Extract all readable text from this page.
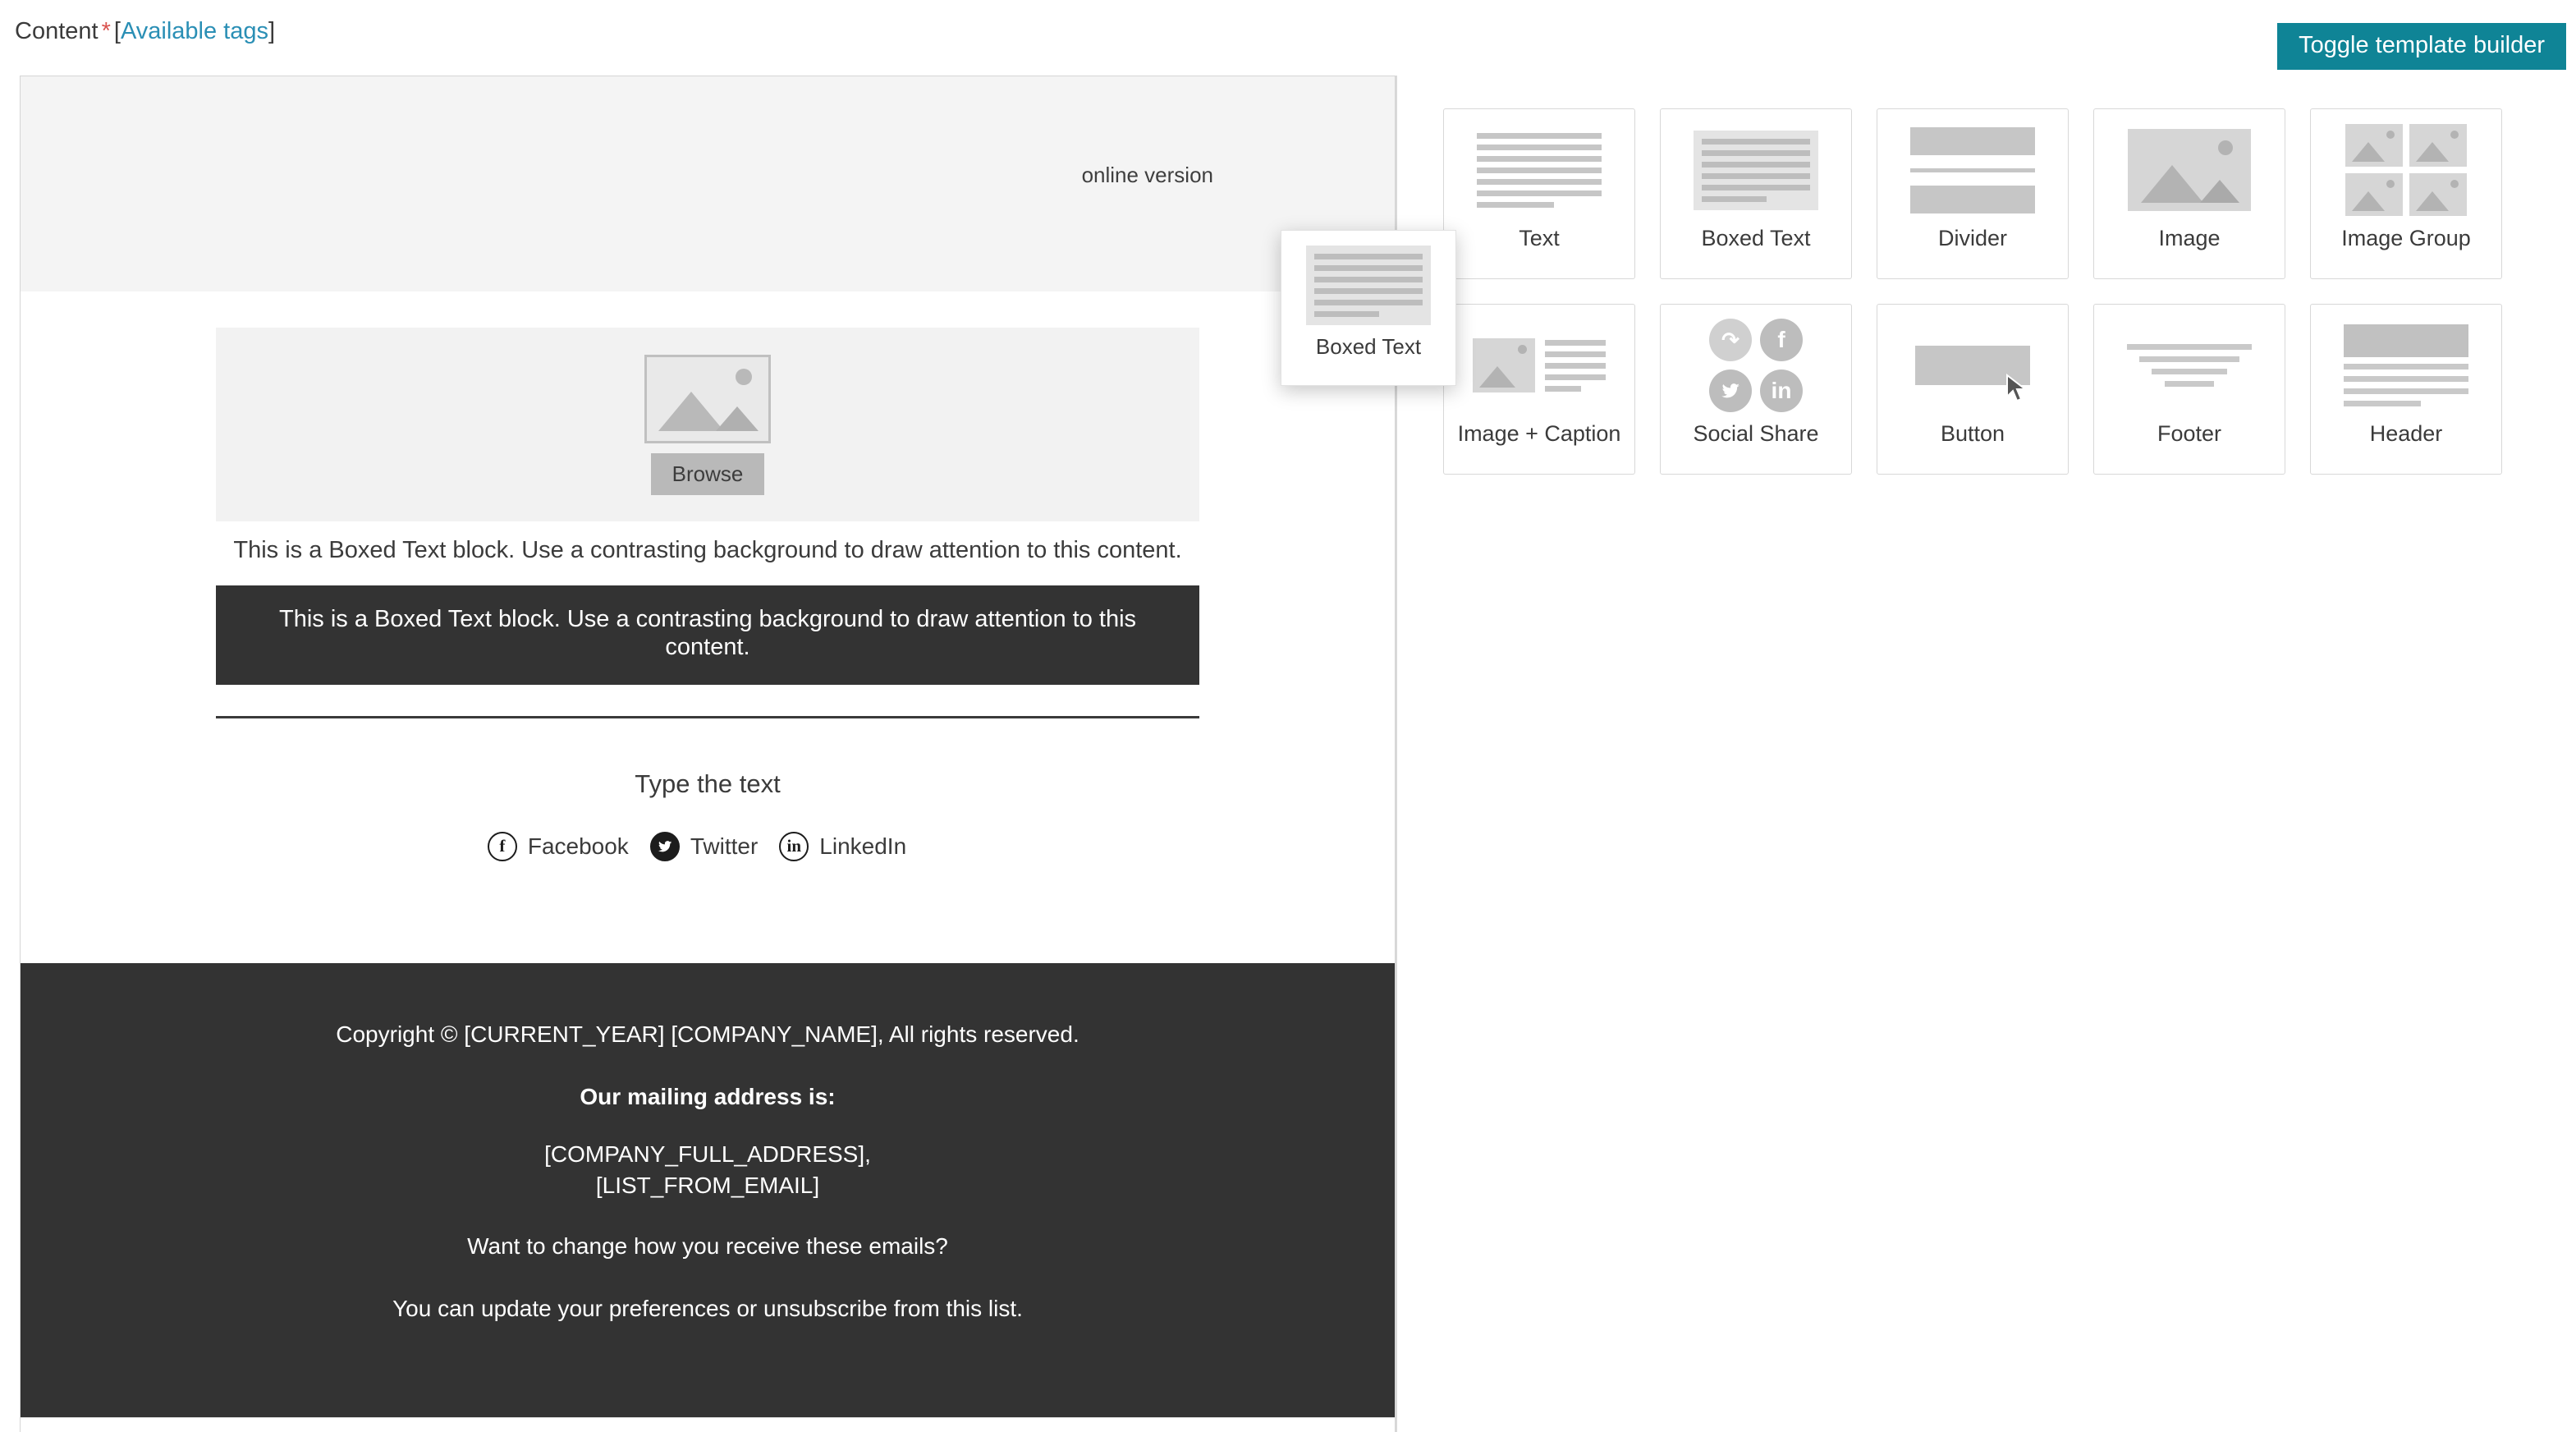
Content * [Available tags]
Toggle template builder
online version
Browse
This is a Boxed Text block. Use a contrasting background to draw attention to this content.
This is a Boxed Text block. Use a contrasting background to draw attention to this content.
Type the text
f Facebook	Twitter	in LinkedIn

Copyright © [CURRENT_YEAR] [COMPANY_NAME], All rights reserved.

Our mailing address is:

[COMPANY_FULL_ADDRESS],
[LIST_FROM_EMAIL]

Want to change how you receive these emails?

You can update your preferences or unsubscribe from this list.

Text	Boxed Text	Divider	Image	Image Group
Image + Caption
↷	f
in
Social Share	Button	Footer	Header
Boxed Text
